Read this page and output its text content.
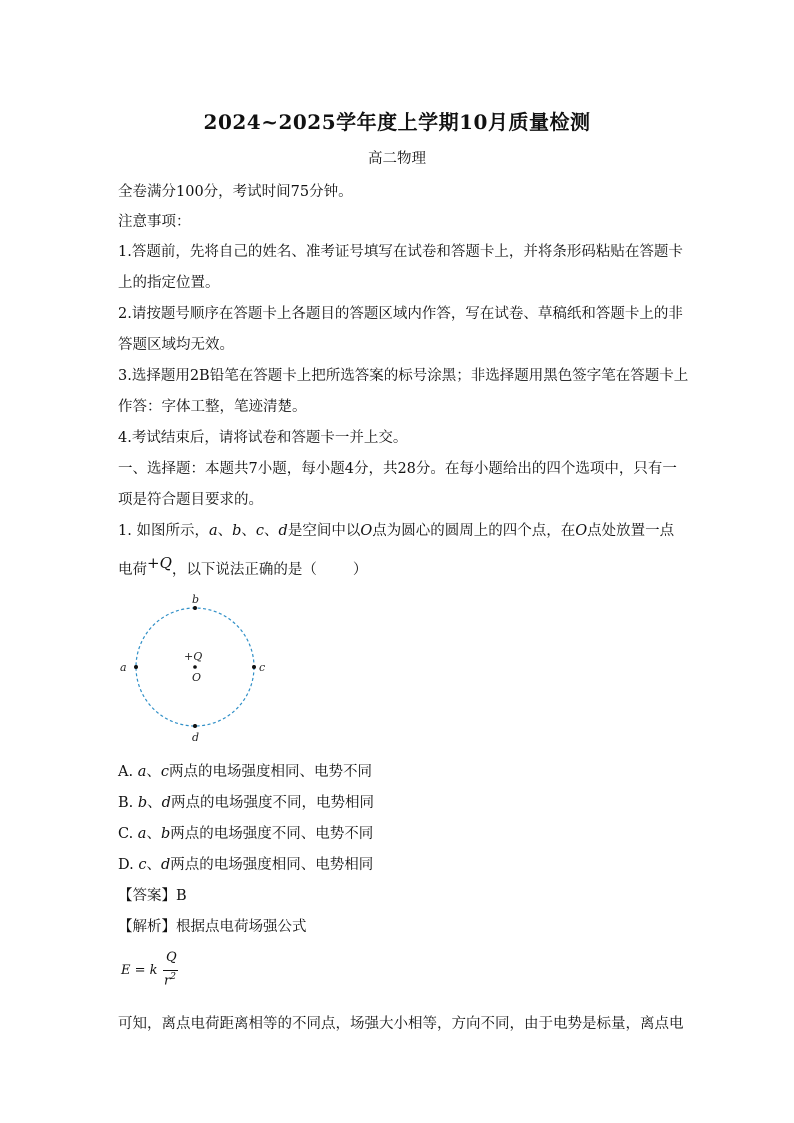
2024~2025学年度上学期10月质量检测
高二物理
全卷满分100分，考试时间75分钟。
注意事项：
1.答题前，先将自己的姓名、准考证号填写在试卷和答题卡上，并将条形码粘贴在答题卡
上的指定位置。
2.请按题号顺序在答题卡上各题目的答题区域内作答，写在试卷、草稿纸和答题卡上的非
答题区域均无效。
3.选择题用2B铅笔在答题卡上把所选答案的标号涂黑；非选择题用黑色签字笔在答题卡上
作答：字体工整，笔迹清楚。
4.考试结束后，请将试卷和答题卡一并上交。
一、选择题：本题共7小题，每小题4分，共28分。在每小题给出的四个选项中，只有一
项是符合题目要求的。
1. 如图所示，a、b、c、d是空间中以O点为圆心的圆周上的四个点，在O点处放置一点
电荷+Q，以下说法正确的是（ ）
b
a	c
d
+Q
O
A. a、c两点的电场强度相同、电势不同
B. b、d两点的电场强度不同，电势相同
C. a、b两点的电场强度不同、电势不同
D. c、d两点的电场强度相同、电势相同
【答案】B
【解析】根据点电荷场强公式
E = k
Q
$r^2$
可知，离点电荷距离相等的不同点，场强大小相等，方向不同，由于电势是标量，离点电
